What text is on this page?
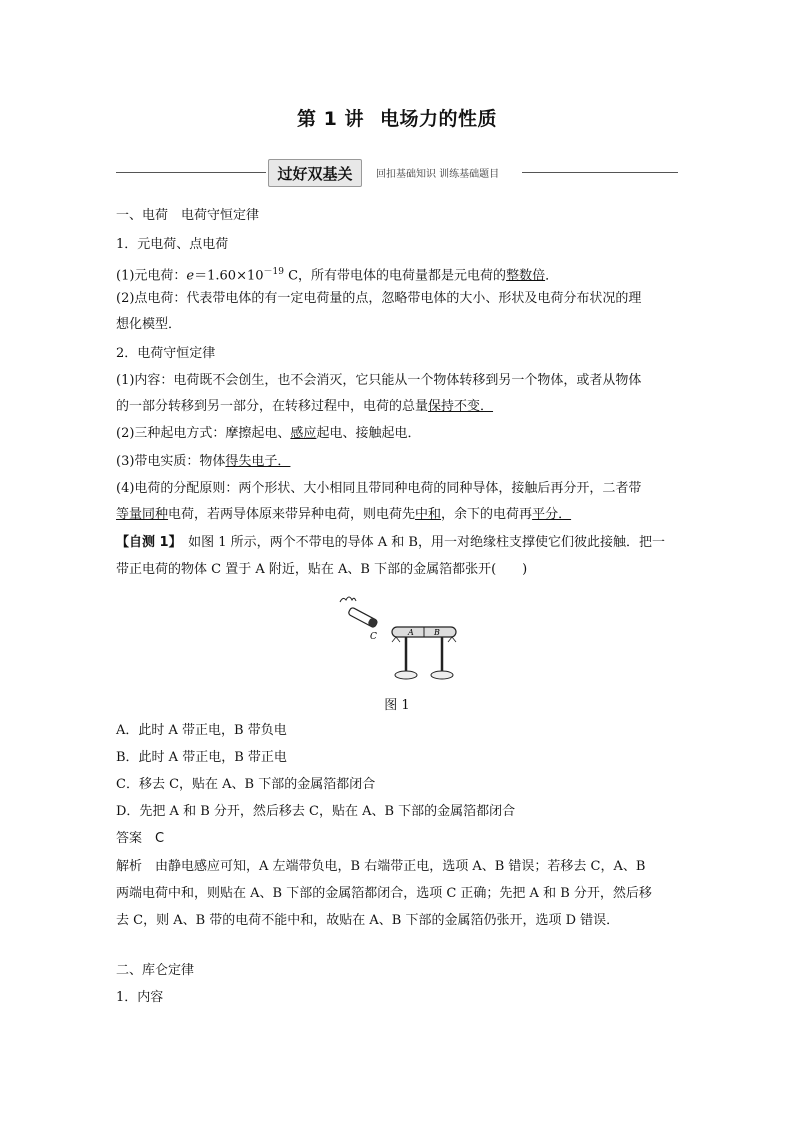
第 1 讲 电场力的性质
过好双基关	回扣基础知识 训练基础题目
一、电荷　电荷守恒定律
1．元电荷、点电荷
(1)元电荷：$e=1.60\times 10^{-19}$ C，所有带电体的电荷量都是元电荷的整数倍．
(2)点电荷：代表带电体的有一定电荷量的点，忽略带电体的大小、形状及电荷分布状况的理
想化模型．
2．电荷守恒定律
(1)内容：电荷既不会创生，也不会消灭，它只能从一个物体转移到另一个物体，或者从物体
的一部分转移到另一部分，在转移过程中，电荷的总量保持不变．
(2)三种起电方式：摩擦起电、感应起电、接触起电．
(3)带电实质：物体得失电子．
(4)电荷的分配原则：两个形状、大小相同且带同种电荷的同种导体，接触后再分开，二者带
等量同种电荷，若两导体原来带异种电荷，则电荷先中和，余下的电荷再平分．
【自测 1】　如图 1 所示，两个不带电的导体 A 和 B，用一对绝缘柱支撑使它们彼此接触．把一
带正电荷的物体 C 置于 A 附近，贴在 A、B 下部的金属箔都张开(　　)
C	A	B
图 1
A．此时 A 带正电，B 带负电
B．此时 A 带正电，B 带正电
C．移去 C，贴在 A、B 下部的金属箔都闭合
D．先把 A 和 B 分开，然后移去 C，贴在 A、B 下部的金属箔都闭合
答案　C
解析　由静电感应可知，A 左端带负电，B 右端带正电，选项 A、B 错误；若移去 C，A、B
两端电荷中和，则贴在 A、B 下部的金属箔都闭合，选项 C 正确；先把 A 和 B 分开，然后移
去 C，则 A、B 带的电荷不能中和，故贴在 A、B 下部的金属箔仍张开，选项 D 错误．
二、库仑定律
1．内容
